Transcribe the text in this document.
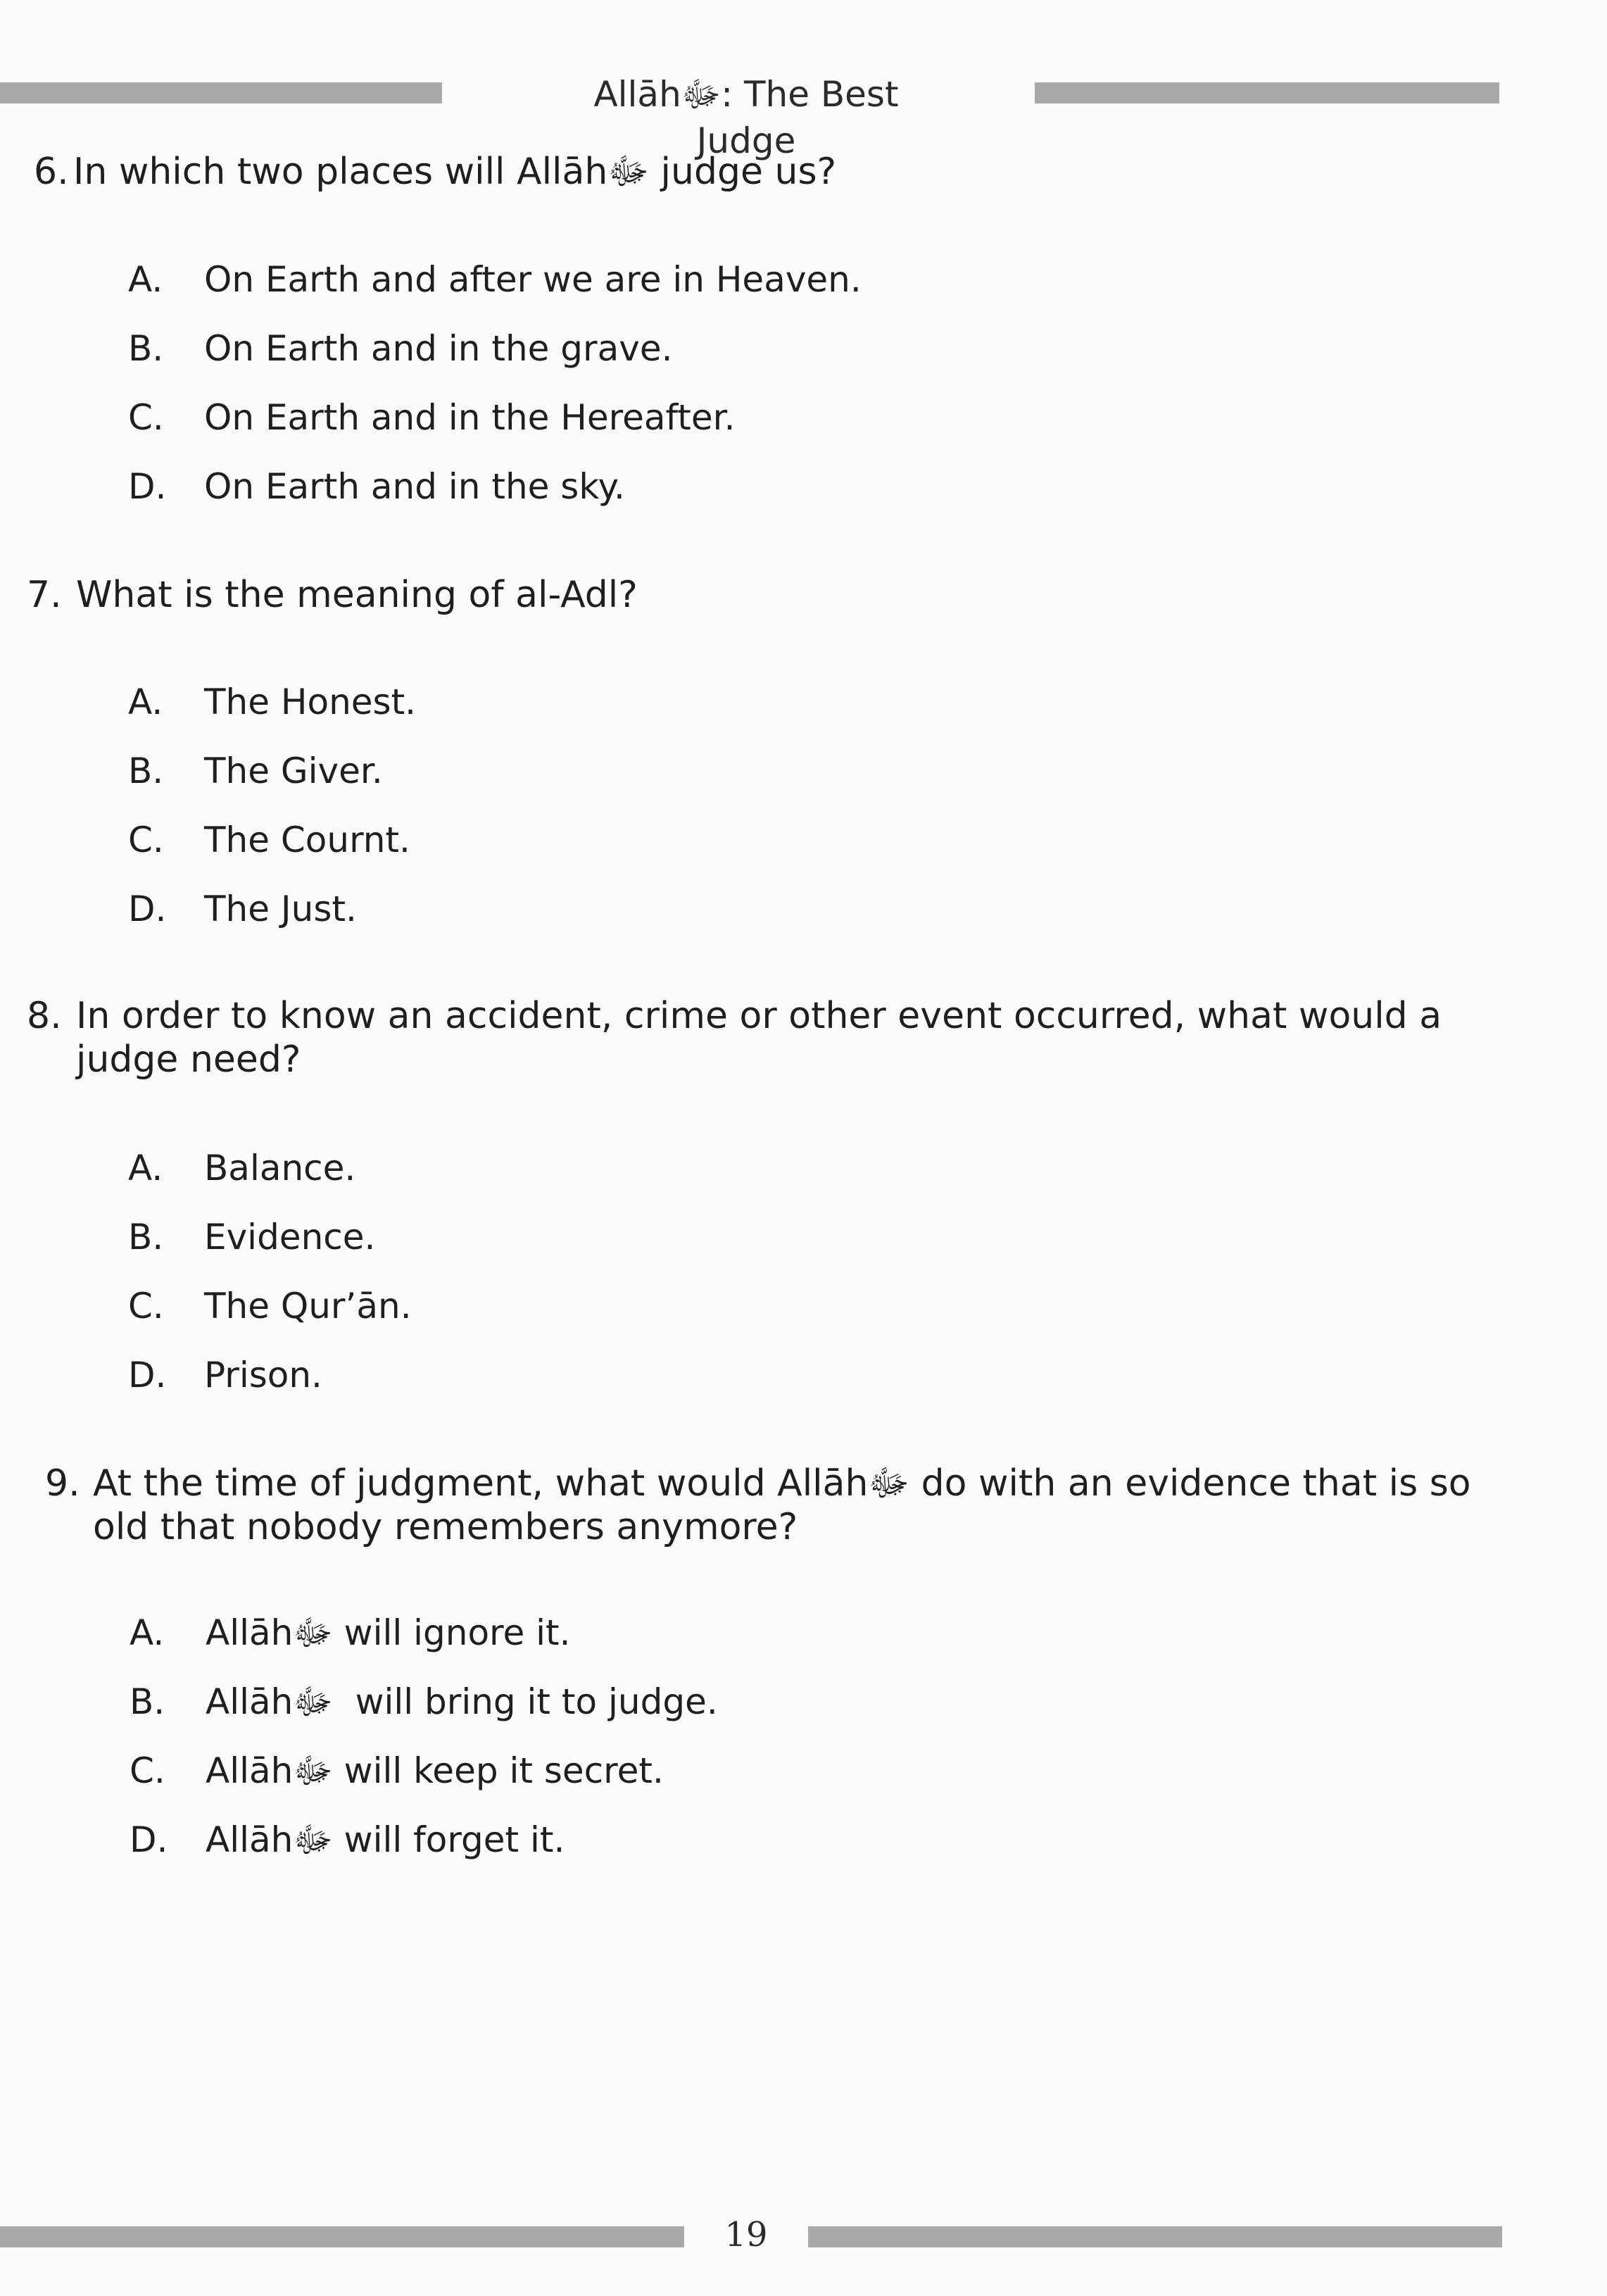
Allāhﷻ: The Best Judge
6. In which two places will Allāhﷻ judge us?
A. On Earth and after we are in Heaven.
B. On Earth and in the grave.
C. On Earth and in the Hereafter.
D. On Earth and in the sky.
7. What is the meaning of al-Adl?
A. The Honest.
B. The Giver.
C. The Cournt.
D. The Just.
8. In order to know an accident, crime or other event occurred, what would a judge need?
A. Balance.
B. Evidence.
C. The Qur’ān.
D. Prison.
9. At the time of judgment, what would Allāhﷻ do with an evidence that is so old that nobody remembers anymore?
A. Allāhﷻ will ignore it.
B. Allāhﷻ  will bring it to judge.
C. Allāhﷻ will keep it secret.
D. Allāhﷻ will forget it.
19
